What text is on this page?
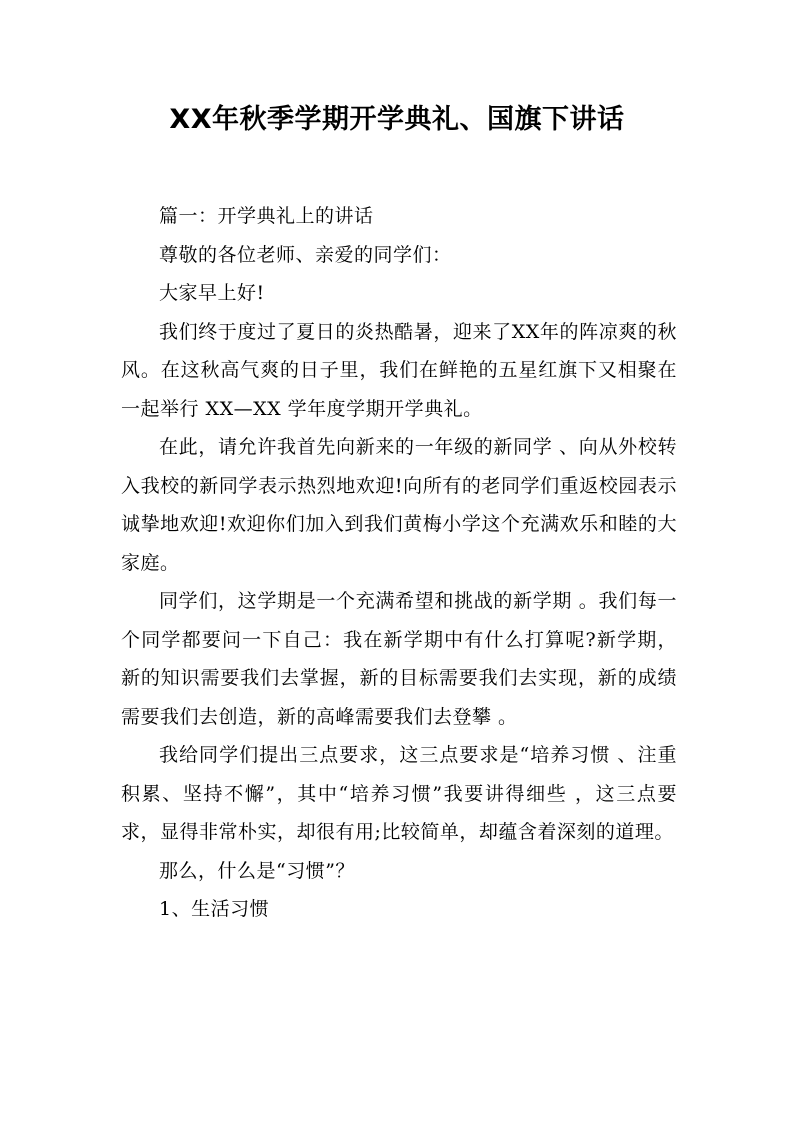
XX年秋季学期开学典礼、国旗下讲话

篇一：开学典礼上的讲话

尊敬的各位老师、亲爱的同学们：

大家早上好!

我们终于度过了夏日的炎热酷暑，迎来了XX年的阵凉爽的秋风。在这秋高气爽的日子里，我们在鲜艳的五星红旗下又相聚在一起举行 XX—XX 学年度学期开学典礼。

在此，请允许我首先向新来的一年级的新同学 、向从外校转入我校的新同学表示热烈地欢迎!向所有的老同学们重返校园表示诚挚地欢迎!欢迎你们加入到我们黄梅小学这个充满欢乐和睦的大家庭。

同学们，这学期是一个充满希望和挑战的新学期 。我们每一个同学都要问一下自己：我在新学期中有什么打算呢?新学期，新的知识需要我们去掌握，新的目标需要我们去实现，新的成绩需要我们去创造，新的高峰需要我们去登攀 。

我给同学们提出三点要求，这三点要求是“培养习惯 、注重积累、坚持不懈”，其中“培养习惯”我要讲得细些 ，这三点要求，显得非常朴实，却很有用;比较简单，却蕴含着深刻的道理。

那么，什么是“习惯”？

1、生活习惯
